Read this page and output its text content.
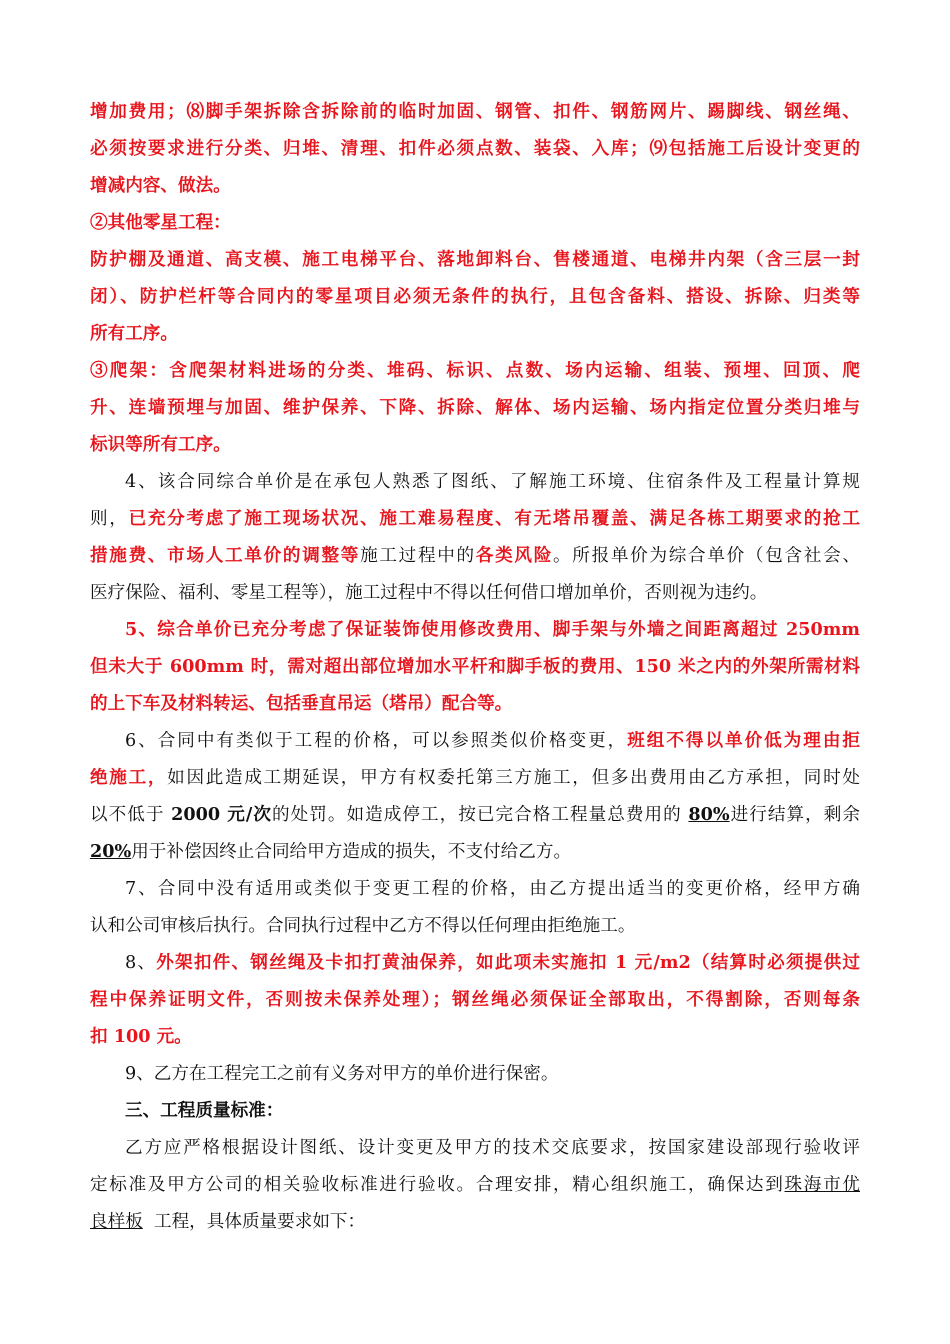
增加费用；⑻脚手架拆除含拆除前的临时加固、钢管、扣件、钢筋网片、踢脚线、钢丝绳、
必须按要求进行分类、归堆、清理、扣件必须点数、装袋、入库；⑼包括施工后设计变更的
增减内容、做法。
②其他零星工程：
防护棚及通道、高支模、施工电梯平台、落地卸料台、售楼通道、电梯井内架（含三层一封
闭）、防护栏杆等合同内的零星项目必须无条件的执行，且包含备料、搭设、拆除、归类等
所有工序。
③爬架：含爬架材料进场的分类、堆码、标识、点数、场内运输、组装、预埋、回顶、爬
升、连墙预埋与加固、维护保养、下降、拆除、解体、场内运输、场内指定位置分类归堆与
标识等所有工序。
4、该合同综合单价是在承包人熟悉了图纸、了解施工环境、住宿条件及工程量计算规
则，已充分考虑了施工现场状况、施工难易程度、有无塔吊覆盖、满足各栋工期要求的抢工
措施费、市场人工单价的调整等施工过程中的各类风险。所报单价为综合单价（包含社会、
医疗保险、福利、零星工程等），施工过程中不得以任何借口增加单价，否则视为违约。
5、综合单价已充分考虑了保证装饰使用修改费用、脚手架与外墙之间距离超过 250mm
但未大于 600mm 时，需对超出部位增加水平杆和脚手板的费用、150 米之内的外架所需材料
的上下车及材料转运、包括垂直吊运（塔吊）配合等。
6、合同中有类似于工程的价格，可以参照类似价格变更，班组不得以单价低为理由拒
绝施工，如因此造成工期延误，甲方有权委托第三方施工，但多出费用由乙方承担，同时处
以不低于 2000 元/次的处罚。如造成停工，按已完合格工程量总费用的 80%进行结算，剩余
20%用于补偿因终止合同给甲方造成的损失，不支付给乙方。
7、合同中没有适用或类似于变更工程的价格，由乙方提出适当的变更价格，经甲方确
认和公司审核后执行。合同执行过程中乙方不得以任何理由拒绝施工。
8、外架扣件、钢丝绳及卡扣打黄油保养，如此项未实施扣 1 元/m2（结算时必须提供过
程中保养证明文件，否则按未保养处理）；钢丝绳必须保证全部取出，不得割除，否则每条
扣 100 元。
9、乙方在工程完工之前有义务对甲方的单价进行保密。
三、工程质量标准：
乙方应严格根据设计图纸、设计变更及甲方的技术交底要求，按国家建设部现行验收评
定标准及甲方公司的相关验收标准进行验收。合理安排，精心组织施工，确保达到珠海市优
良样板  工程，具体质量要求如下：
